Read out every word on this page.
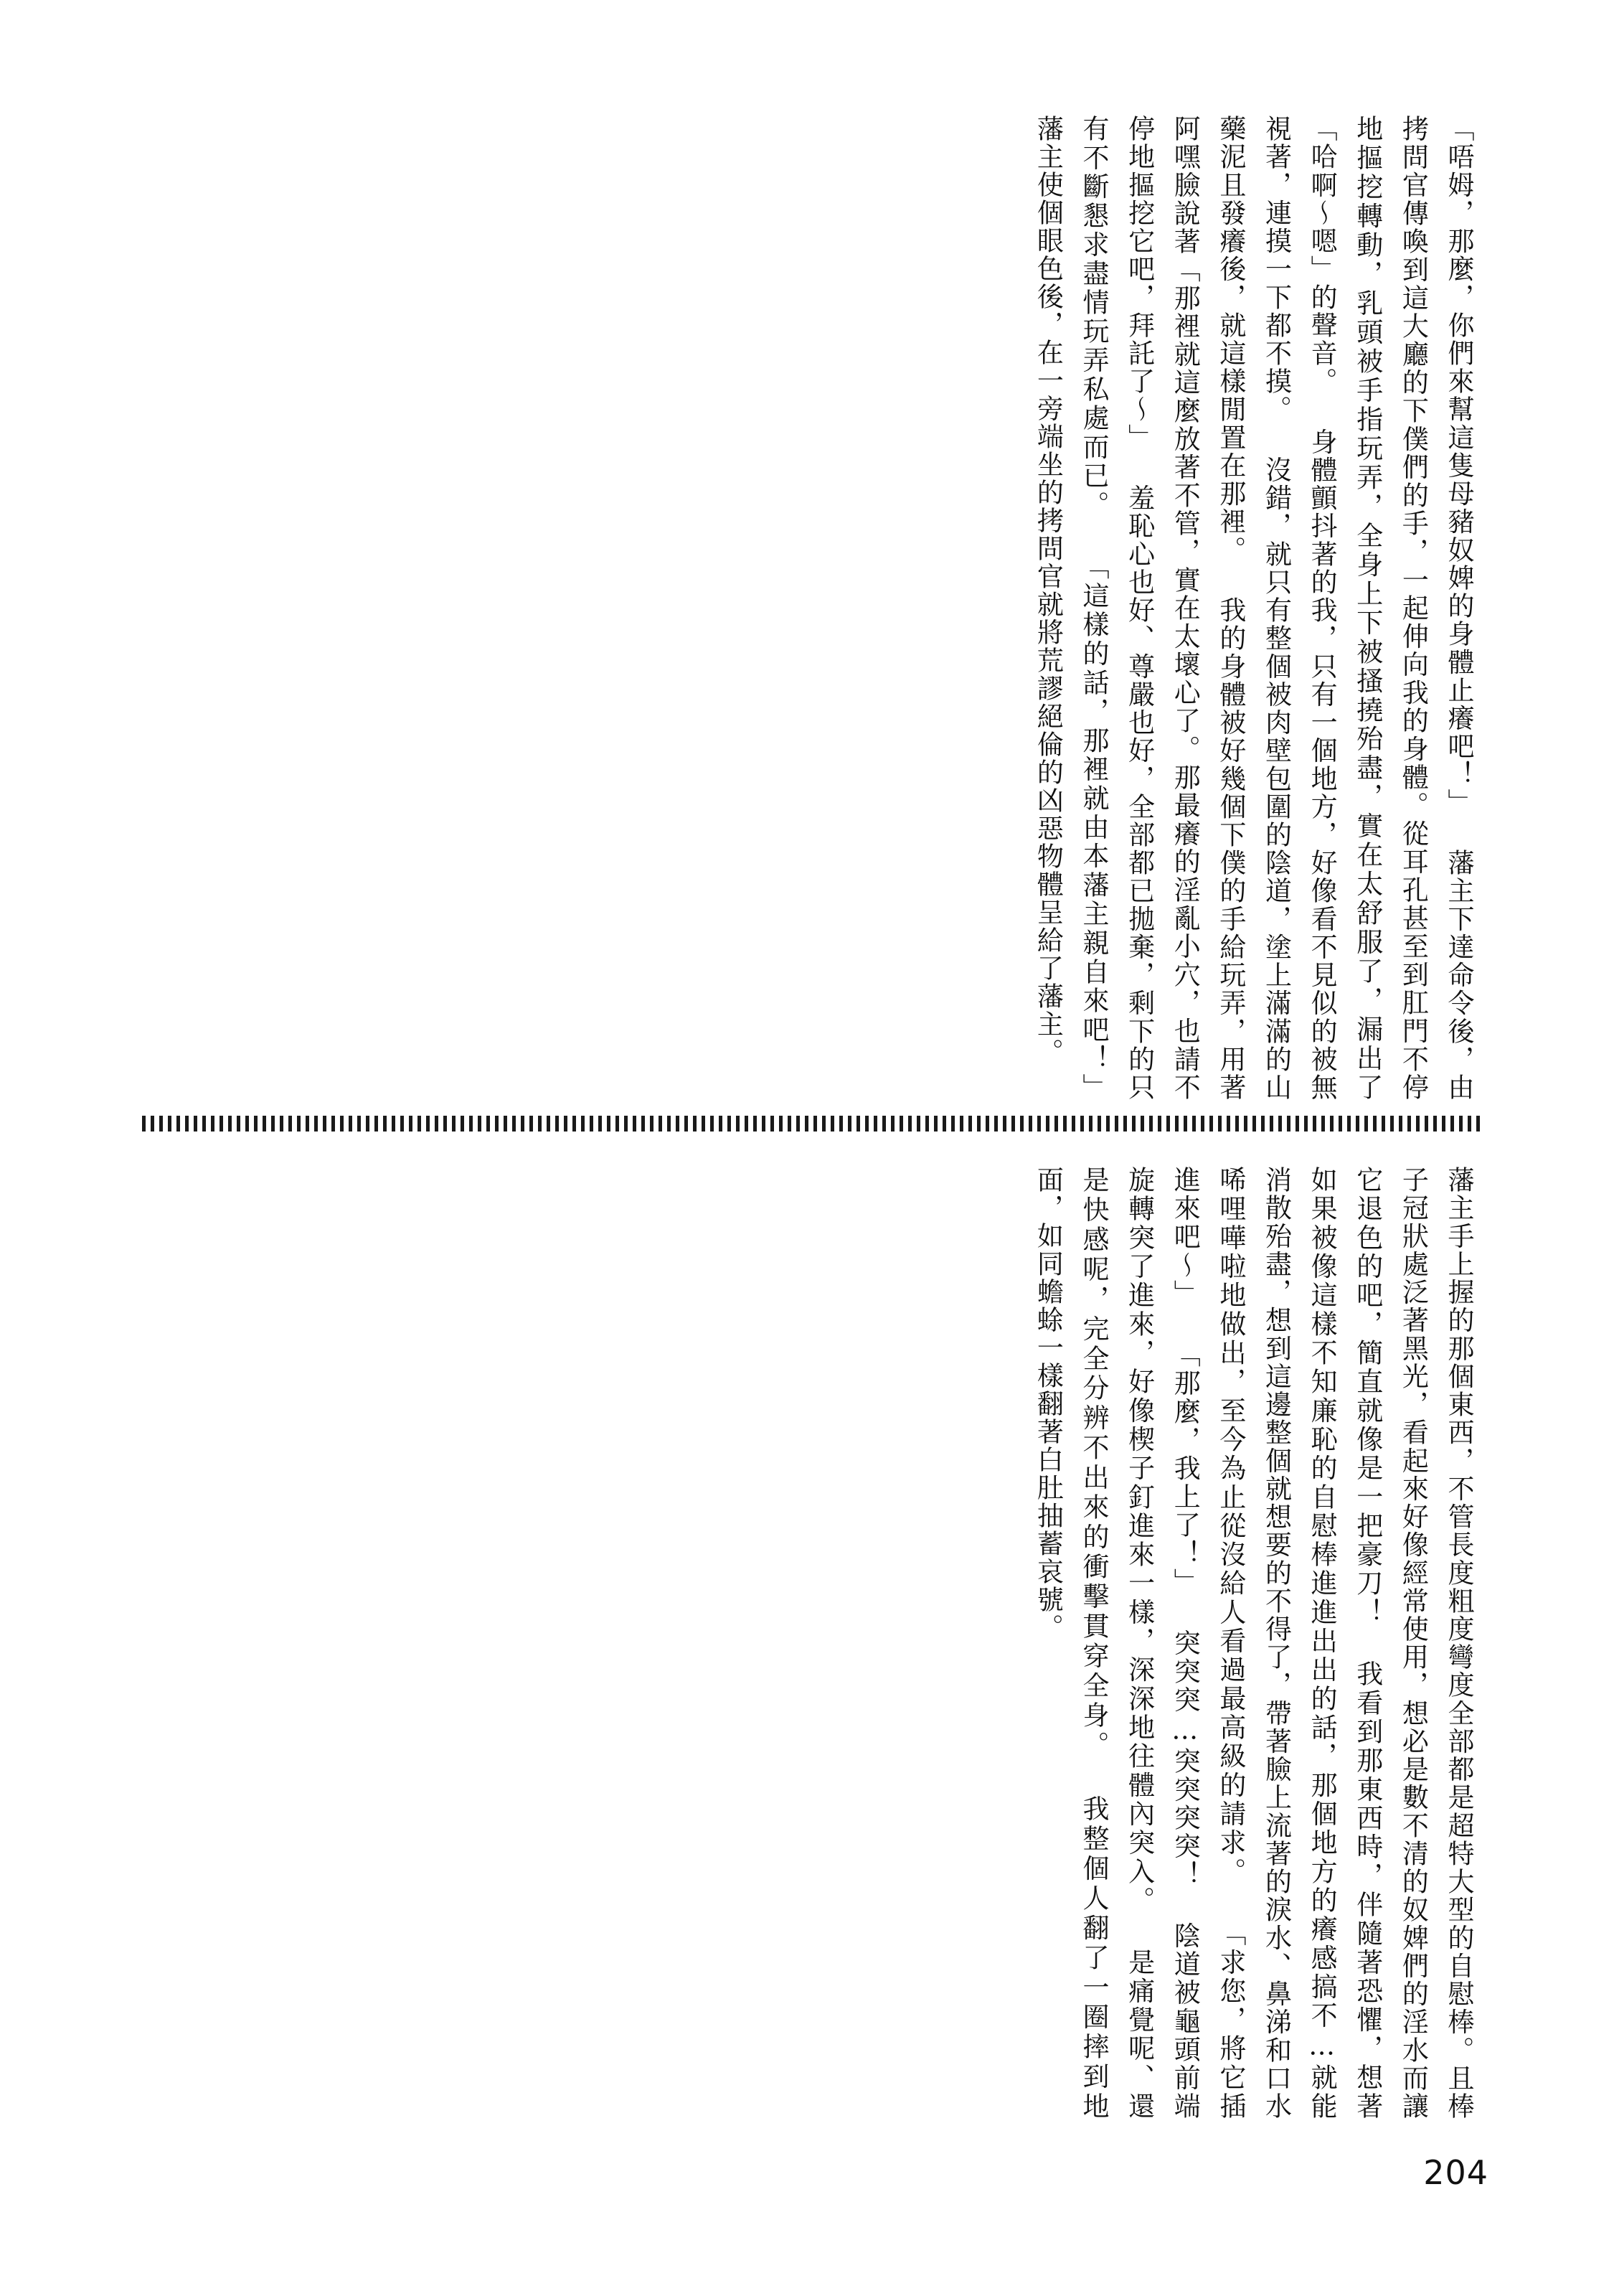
「唔姆，那麼，你們來幫這隻母豬奴婢的身體止癢吧！」 藩主下達命令後，由拷問官傳喚到這大廳的下僕們的手，一起伸向我的身體。從耳孔甚至到肛門不停地摳挖轉動，乳頭被手指玩弄，全身上下被搔撓殆盡，實在太舒服了，漏出了「哈啊～嗯」的聲音。 身體顫抖著的我，只有一個地方，好像看不見似的被無視著，連摸一下都不摸。 沒錯，就只有整個被肉壁包圍的陰道，塗上滿滿的山藥泥且發癢後，就這樣閒置在那裡。 我的身體被好幾個下僕的手給玩弄，用著阿嘿臉說著「那裡就這麼放著不管，實在太壞心了。那最癢的淫亂小穴，也請不停地摳挖它吧，拜託了～」 羞恥心也好、尊嚴也好，全部都已拋棄，剩下的只有不斷懇求盡情玩弄私處而已。 「這樣的話，那裡就由本藩主親自來吧！」 藩主使個眼色後，在一旁端坐的拷問官就將荒謬絕倫的凶惡物體呈給了藩主。
藩主手上握的那個東西，不管長度粗度彎度全部都是超特大型的自慰棒。且棒子冠狀處泛著黑光，看起來好像經常使用，想必是數不清的奴婢們的淫水而讓它退色的吧，簡直就像是一把豪刀！ 我看到那東西時，伴隨著恐懼，想著如果被像這樣不知廉恥的自慰棒進進出出的話，那個地方的癢感搞不…就能消散殆盡，想到這邊整個就想要的不得了，帶著臉上流著的淚水、鼻涕和口水唏哩嘩啦地做出，至今為止從沒給人看過最高級的請求。 「求您，將它插進來吧～」 「那麼，我上了！」 突突突…突突突突！ 陰道被龜頭前端旋轉突了進來，好像楔子釘進來一樣，深深地往體內突入。 是痛覺呢、還是快感呢，完全分辨不出來的衝擊貫穿全身。 我整個人翻了一圈摔到地面，如同蟾蜍一樣翻著白肚抽蓄哀號。
204
